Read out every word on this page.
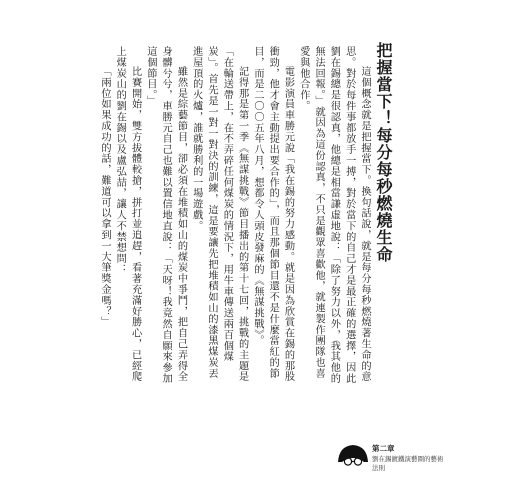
把握當下！每分每秒燃燒生命

這個概念就是把握當下。換句話說，就是每分每秒燃燒著生命的意思。對於每件事都放手一搏，對於當下的自己才是最正確的選擇，因此劉在錫總是很認真，他總是相當謙虛地說：「除了努力以外，我其他的無法回報。」就因為這份認真，不只是觀眾喜歡他，就連製作團隊也喜愛與他合作。

電影演員車勝元說「我在錫的努力感動。就是因為欣賞在錫的那股衝勁，他才會主動提出要合作的」，而且那個節目還不是什麼當紅的節目，而是二〇〇五年八月，想都令人頭皮發麻的《無謀挑戰》。

記得那是第一季《無謀挑戰》節目播出的第十七回，挑戰的主題是「在輪送帶上，在不弄碎任何煤炭的情況下，用牛車傳送兩百個煤炭」。首先是一對一對決的訓練，這是要讓先把堆積如山的漆黑煤炭丟進屋頂的火爐，誰就勝利的一場遊戲。

雖然是綜藝節目，卻必須在堆積如山的煤炭中爭鬥，把自己弄得全身髒兮兮，車勝元自己也難以置信地直說：「天呀！我竟然自願來參加這個節目。」

比賽開始，雙方拔體較搶，拼打並追趕，看著充滿好勝心，已經爬上煤炭山的劉在錫以及盧弘喆，讓人不禁想問：

「兩位如果成功的話，難道可以拿到一大筆獎金嗎？」

第二章
劉在錫鍍鐵演藝圈的藝術法則
